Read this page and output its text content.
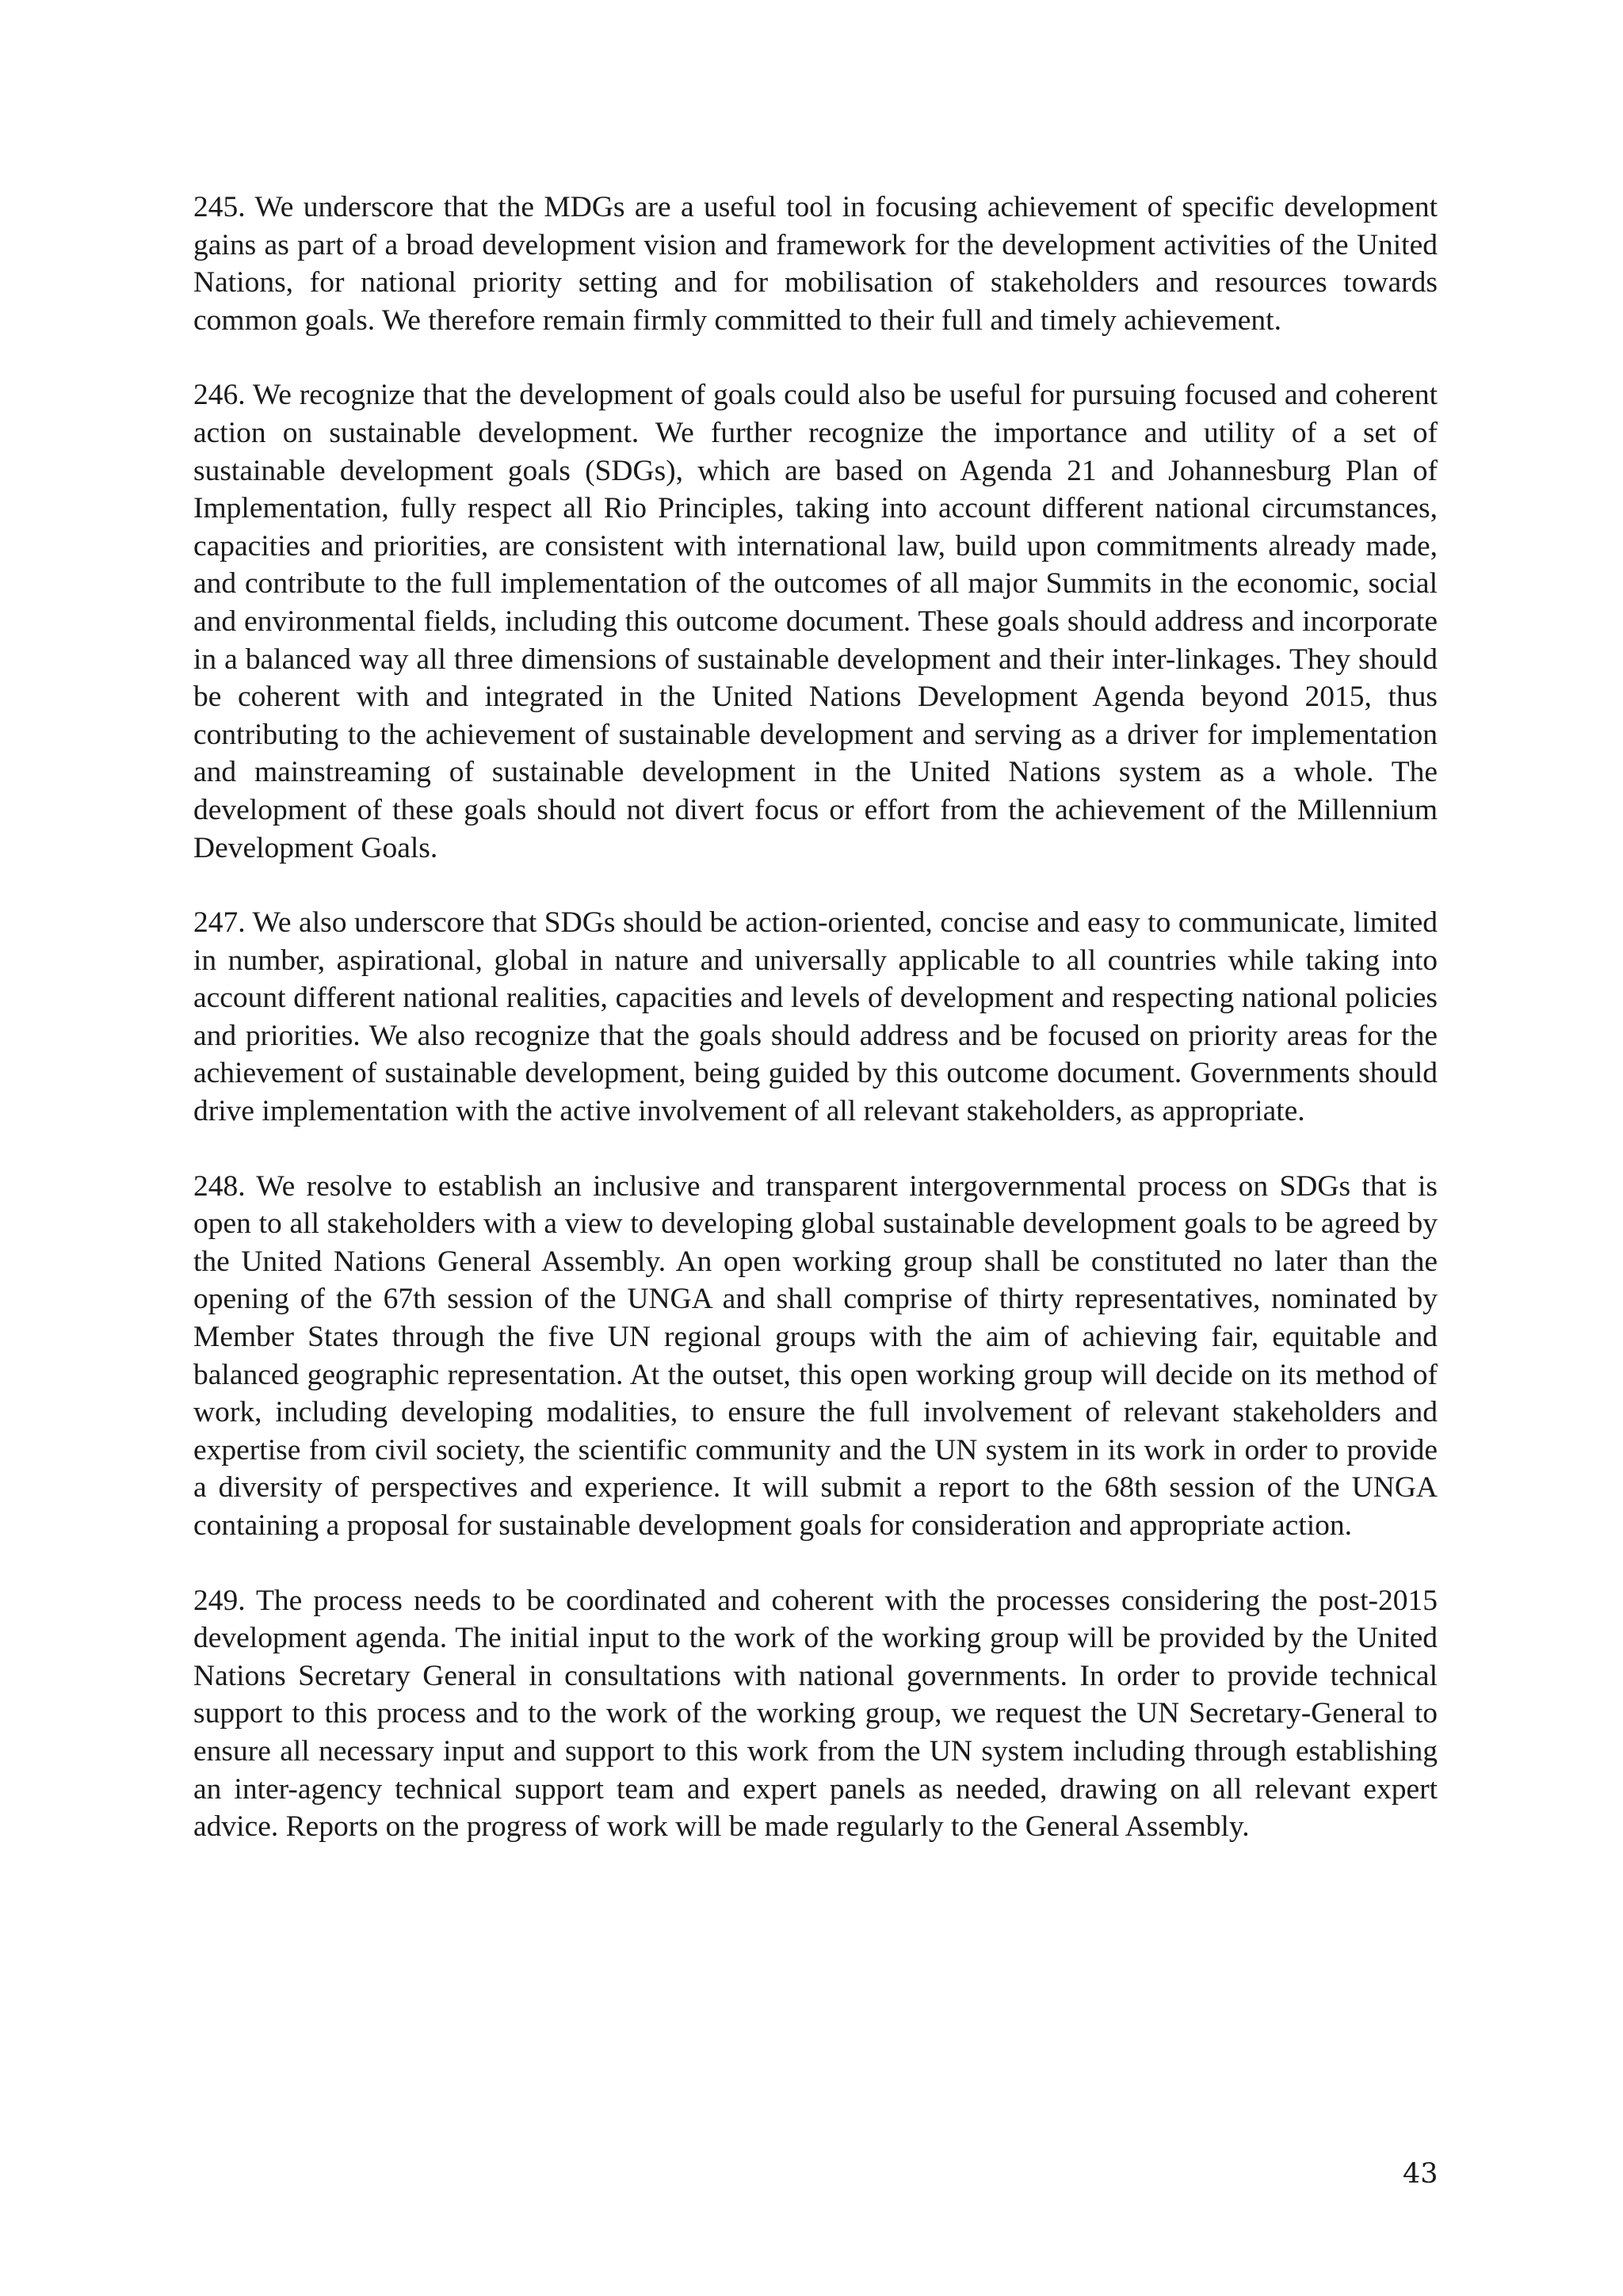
245. We underscore that the MDGs are a useful tool in focusing achievement of specific development gains as part of a broad development vision and framework for the development activities of the United Nations, for national priority setting and for mobilisation of stakeholders and resources towards common goals. We therefore remain firmly committed to their full and timely achievement.

246. We recognize that the development of goals could also be useful for pursuing focused and coherent action on sustainable development. We further recognize the importance and utility of a set of sustainable development goals (SDGs), which are based on Agenda 21 and Johannesburg Plan of Implementation, fully respect all Rio Principles, taking into account different national circumstances, capacities and priorities, are consistent with international law, build upon commitments already made, and contribute to the full implementation of the outcomes of all major Summits in the economic, social and environmental fields, including this outcome document. These goals should address and incorporate in a balanced way all three dimensions of sustainable development and their inter-linkages. They should be coherent with and integrated in the United Nations Development Agenda beyond 2015, thus contributing to the achievement of sustainable development and serving as a driver for implementation and mainstreaming of sustainable development in the United Nations system as a whole. The development of these goals should not divert focus or effort from the achievement of the Millennium Development Goals.

247. We also underscore that SDGs should be action-oriented, concise and easy to communicate, limited in number, aspirational, global in nature and universally applicable to all countries while taking into account different national realities, capacities and levels of development and respecting national policies and priorities. We also recognize that the goals should address and be focused on priority areas for the achievement of sustainable development, being guided by this outcome document. Governments should drive implementation with the active involvement of all relevant stakeholders, as appropriate.

248. We resolve to establish an inclusive and transparent intergovernmental process on SDGs that is open to all stakeholders with a view to developing global sustainable development goals to be agreed by the United Nations General Assembly. An open working group shall be constituted no later than the opening of the 67th session of the UNGA and shall comprise of thirty representatives, nominated by Member States through the five UN regional groups with the aim of achieving fair, equitable and balanced geographic representation. At the outset, this open working group will decide on its method of work, including developing modalities, to ensure the full involvement of relevant stakeholders and expertise from civil society, the scientific community and the UN system in its work in order to provide a diversity of perspectives and experience. It will submit a report to the 68th session of the UNGA containing a proposal for sustainable development goals for consideration and appropriate action.

249. The process needs to be coordinated and coherent with the processes considering the post-2015 development agenda. The initial input to the work of the working group will be provided by the United Nations Secretary General in consultations with national governments. In order to provide technical support to this process and to the work of the working group, we request the UN Secretary-General to ensure all necessary input and support to this work from the UN system including through establishing an inter-agency technical support team and expert panels as needed, drawing on all relevant expert advice. Reports on the progress of work will be made regularly to the General Assembly.

43
